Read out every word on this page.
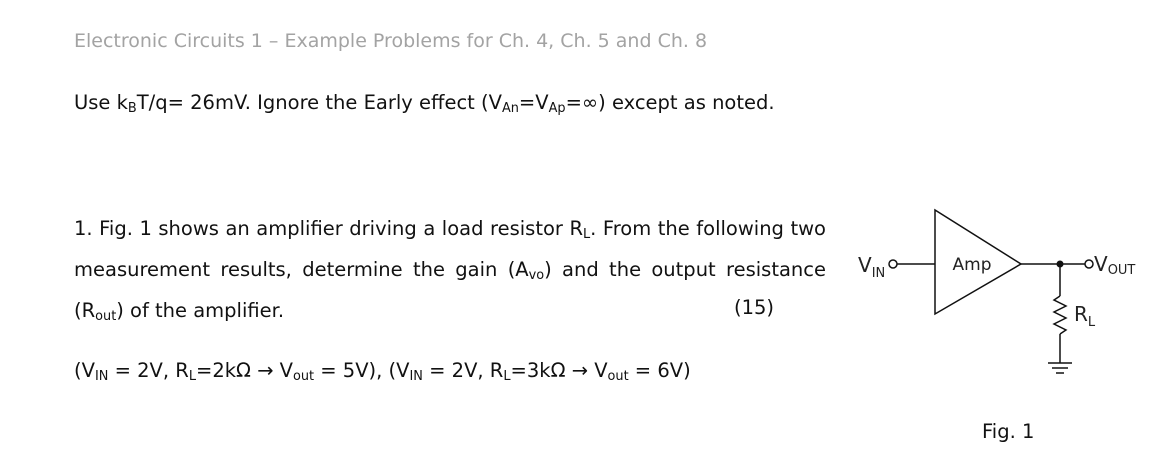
Electronic Circuits 1 – Example Problems for Ch. 4, Ch. 5 and Ch. 8
Use $k_BT/q= 26mV$. Ignore the Early effect $(V_{An}=V_{Ap}=\infty)$ except as noted.
1. Fig. 1 shows an amplifier driving a load resistor $R_L$. From the following two measurement results, determine the gain $(A_{vo})$ and the output resistance $(R_{out})$ of the amplifier.	(15)
($V_{IN} = 2V$, $R_L=2k\Omega \to V_{out} = 5V$), ($V_{IN} = 2V$, $R_L=3k\Omega \to V_{out} = 6V$)
$V_{IN}$	Amp	VOUT
$R_L$
Fig. 1
